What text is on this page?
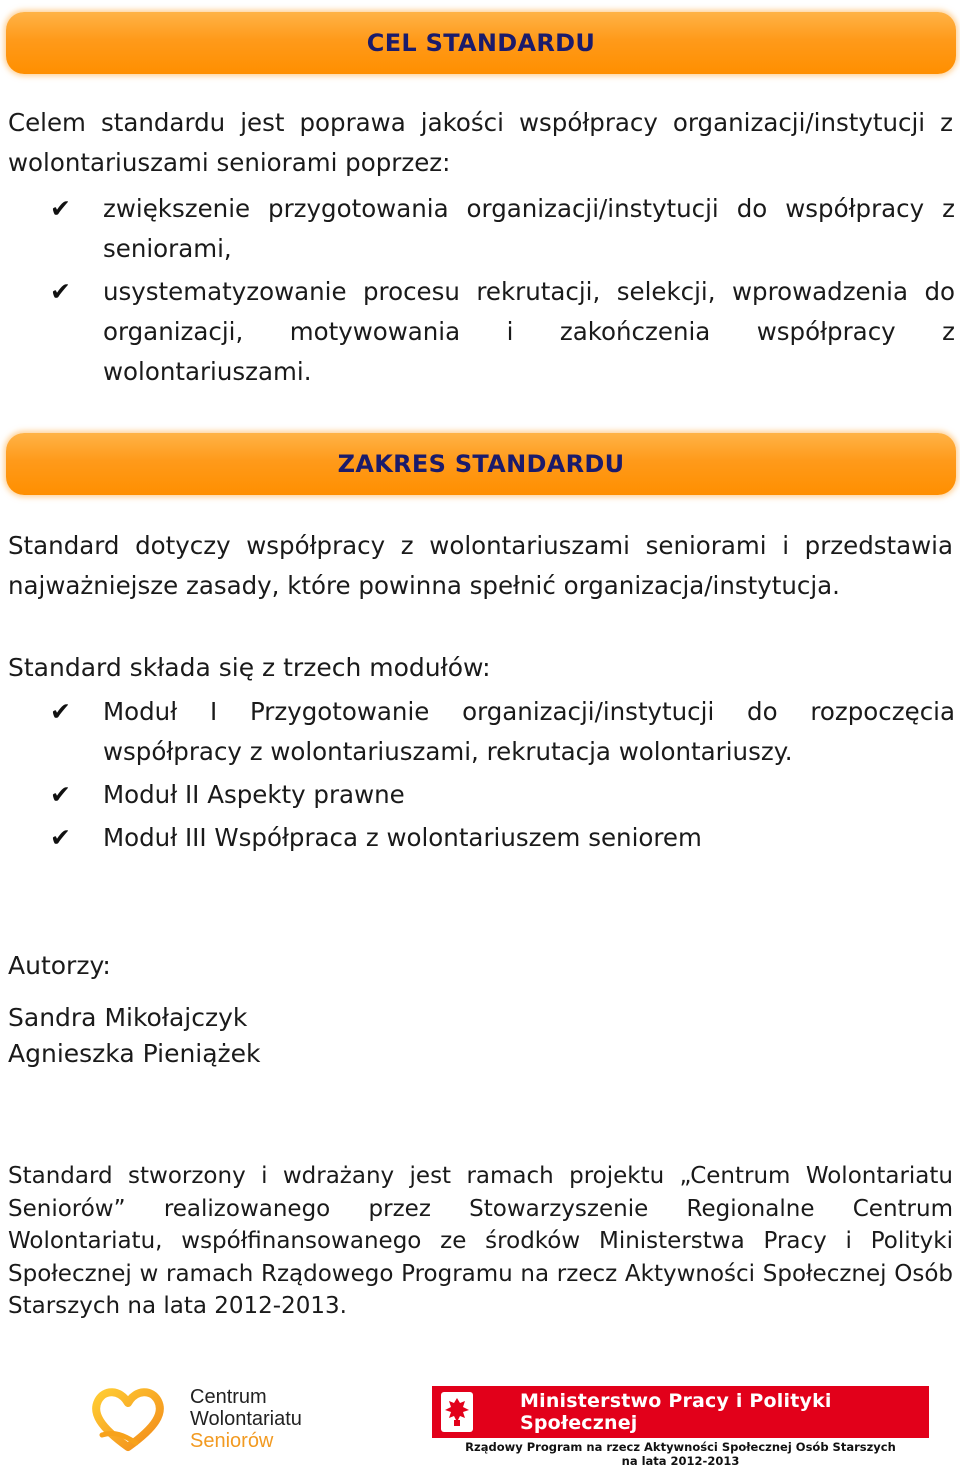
CEL STANDARDU

Celem standardu jest poprawa jakości współpracy organizacji/instytucji z wolontariuszami seniorami poprzez:

✔ zwiększenie przygotowania organizacji/instytucji do współpracy z seniorami,
✔ usystematyzowanie procesu rekrutacji, selekcji, wprowadzenia do organizacji, motywowania i zakończenia współpracy z wolontariuszami.
ZAKRES STANDARDU

Standard dotyczy współpracy z wolontariuszami seniorami i przedstawia najważniejsze zasady, które powinna spełnić organizacja/instytucja.

Standard składa się z trzech modułów:

✔ Moduł I Przygotowanie organizacji/instytucji do rozpoczęcia współpracy z wolontariuszami, rekrutacja wolontariuszy.
✔ Moduł II Aspekty prawne
✔ Moduł III Współpraca z wolontariuszem seniorem

Autorzy:

Sandra Mikołajczyk

Agnieszka Pieniążek

Standard stworzony i wdrażany jest ramach projektu „Centrum Wolontariatu Seniorów” realizowanego przez Stowarzyszenie Regionalne Centrum Wolontariatu, współfinansowanego ze środków Ministerstwa Pracy i Polityki Społecznej w ramach Rządowego Programu na rzecz Aktywności Społecznej Osób Starszych na lata 2012-2013.

Centrum
Wolontariatu
Seniorów
Ministerstwo Pracy i Polityki Społecznej
Rządowy Program na rzecz Aktywności Społecznej Osób Starszych
na lata 2012-2013
